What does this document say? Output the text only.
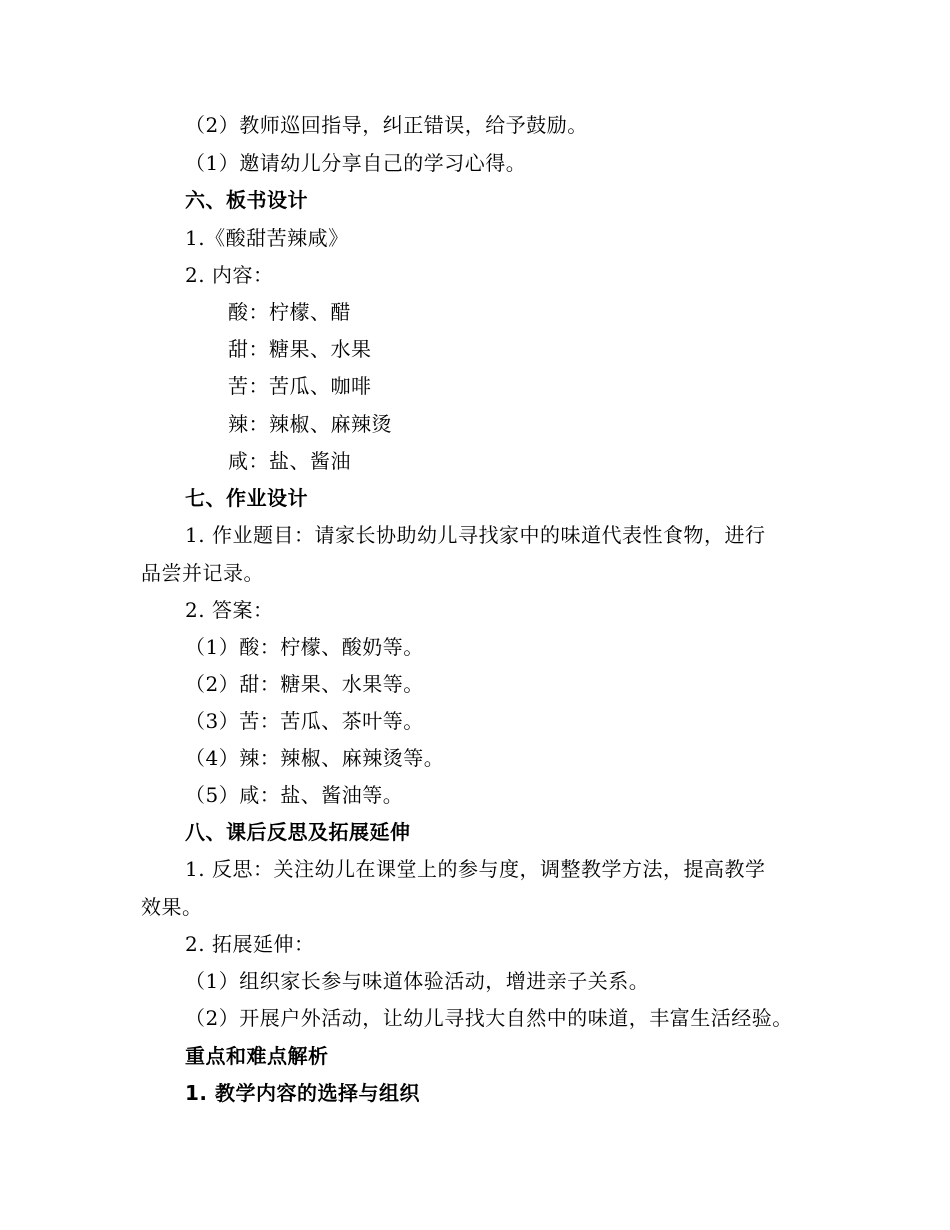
（2）教师巡回指导，纠正错误，给予鼓励。
（1）邀请幼儿分享自己的学习心得。
六、板书设计
1.《酸甜苦辣咸》
2. 内容：
酸：柠檬、醋
甜：糖果、水果
苦：苦瓜、咖啡
辣：辣椒、麻辣烫
咸：盐、酱油
七、作业设计
1. 作业题目：请家长协助幼儿寻找家中的味道代表性食物，进行
品尝并记录。
2. 答案：
（1）酸：柠檬、酸奶等。
（2）甜：糖果、水果等。
（3）苦：苦瓜、茶叶等。
（4）辣：辣椒、麻辣烫等。
（5）咸：盐、酱油等。
八、课后反思及拓展延伸
1. 反思：关注幼儿在课堂上的参与度，调整教学方法，提高教学
效果。
2. 拓展延伸：
（1）组织家长参与味道体验活动，增进亲子关系。
（2）开展户外活动，让幼儿寻找大自然中的味道，丰富生活经验。
重点和难点解析
1. 教学内容的选择与组织
